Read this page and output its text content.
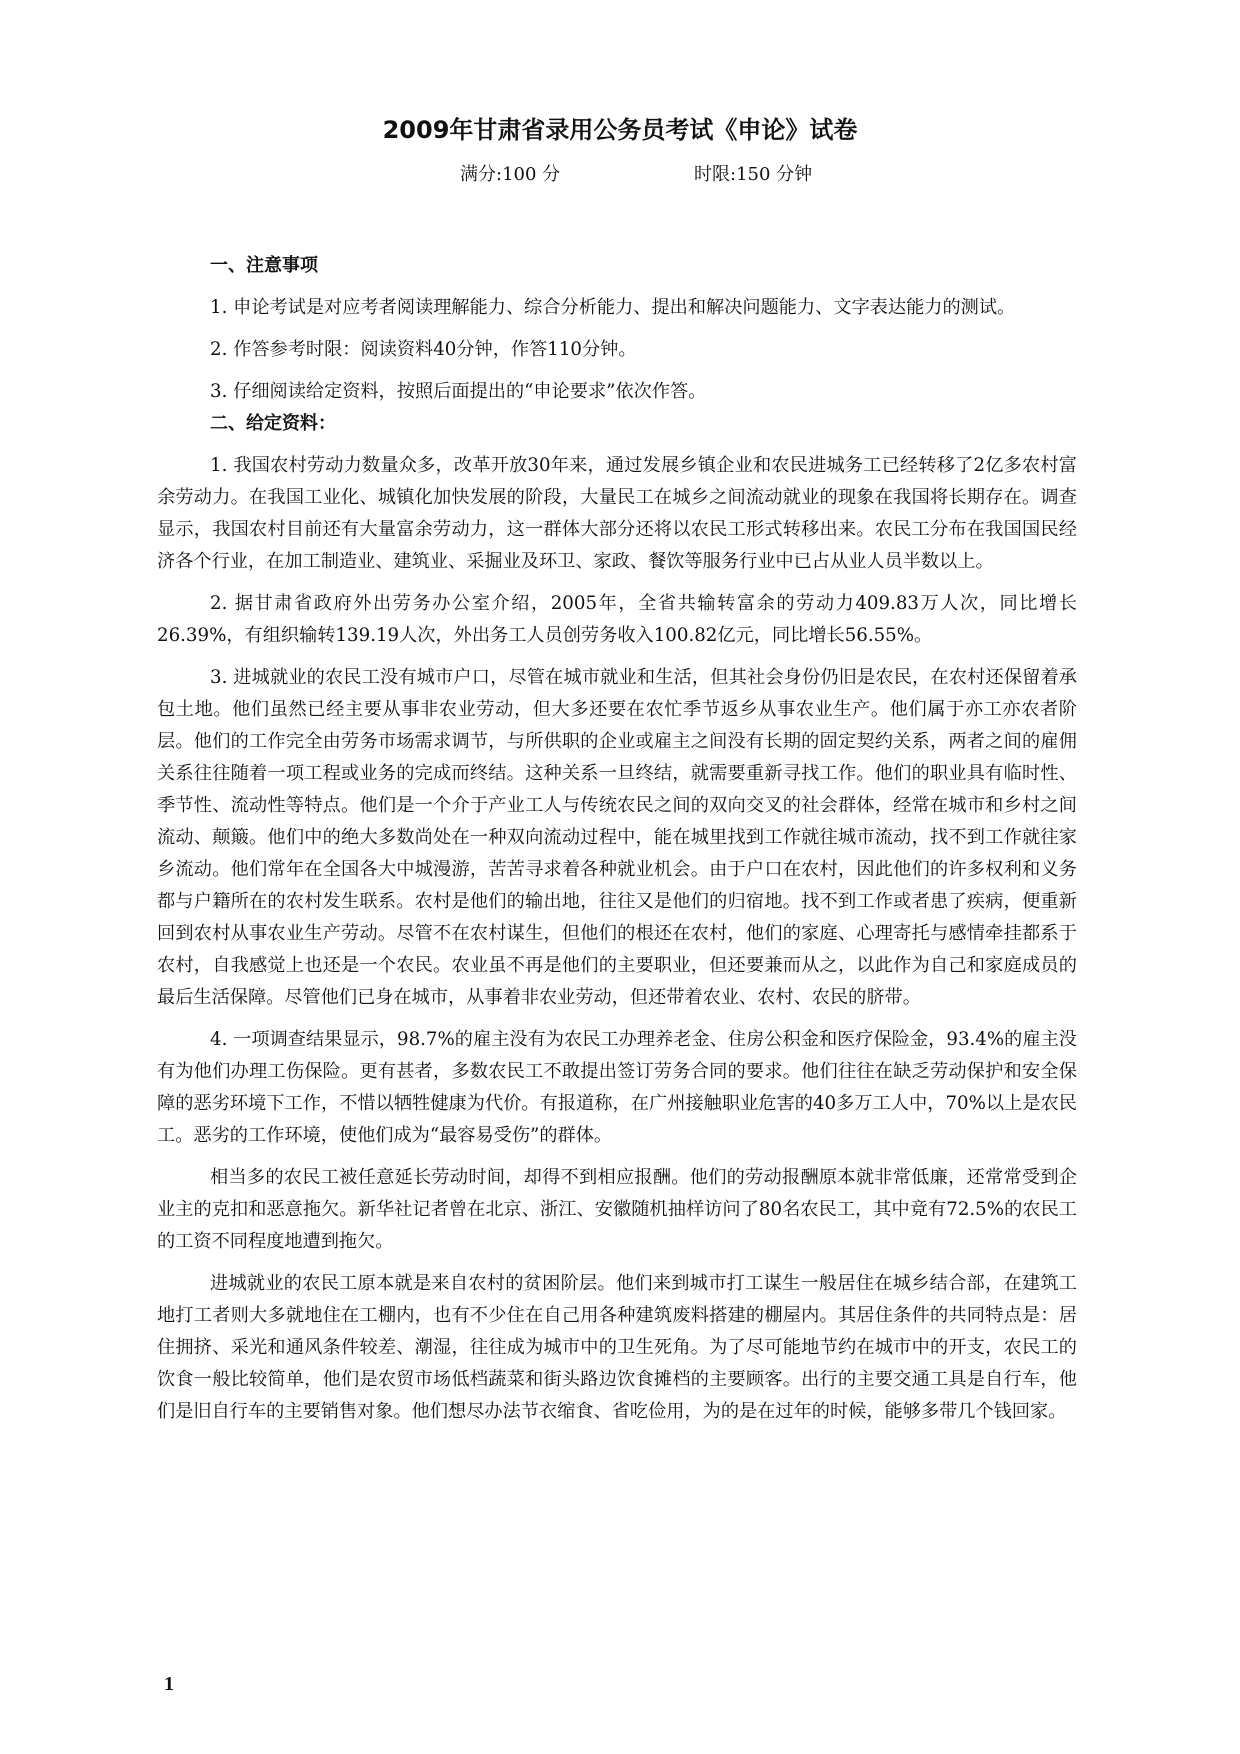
2009年甘肃省录用公务员考试《申论》试卷
满分:100 分	时限:150 分钟
一、注意事项
1. 申论考试是对应考者阅读理解能力、综合分析能力、提出和解决问题能力、文字表达能力的测试。
2. 作答参考时限：阅读资料40分钟，作答110分钟。
3. 仔细阅读给定资料，按照后面提出的“申论要求”依次作答。
二、给定资料：
1. 我国农村劳动力数量众多，改革开放30年来，通过发展乡镇企业和农民进城务工已经转移了2亿多农村富余劳动力。在我国工业化、城镇化加快发展的阶段，大量民工在城乡之间流动就业的现象在我国将长期存在。调查显示，我国农村目前还有大量富余劳动力，这一群体大部分还将以农民工形式转移出来。农民工分布在我国国民经济各个行业，在加工制造业、建筑业、采掘业及环卫、家政、餐饮等服务行业中已占从业人员半数以上。
2. 据甘肃省政府外出劳务办公室介绍，2005年，全省共输转富余的劳动力409.83万人次，同比增长26.39%，有组织输转139.19人次，外出务工人员创劳务收入100.82亿元，同比增长56.55%。
3. 进城就业的农民工没有城市户口，尽管在城市就业和生活，但其社会身份仍旧是农民，在农村还保留着承包土地。他们虽然已经主要从事非农业劳动，但大多还要在农忙季节返乡从事农业生产。他们属于亦工亦农者阶层。他们的工作完全由劳务市场需求调节，与所供职的企业或雇主之间没有长期的固定契约关系，两者之间的雇佣关系往往随着一项工程或业务的完成而终结。这种关系一旦终结，就需要重新寻找工作。他们的职业具有临时性、季节性、流动性等特点。他们是一个介于产业工人与传统农民之间的双向交叉的社会群体，经常在城市和乡村之间流动、颠簸。他们中的绝大多数尚处在一种双向流动过程中，能在城里找到工作就往城市流动，找不到工作就往家乡流动。他们常年在全国各大中城漫游，苦苦寻求着各种就业机会。由于户口在农村，因此他们的许多权利和义务都与户籍所在的农村发生联系。农村是他们的输出地，往往又是他们的归宿地。找不到工作或者患了疾病，便重新回到农村从事农业生产劳动。尽管不在农村谋生，但他们的根还在农村，他们的家庭、心理寄托与感情牵挂都系于农村，自我感觉上也还是一个农民。农业虽不再是他们的主要职业，但还要兼而从之，以此作为自己和家庭成员的最后生活保障。尽管他们已身在城市，从事着非农业劳动，但还带着农业、农村、农民的脐带。
4. 一项调查结果显示，98.7%的雇主没有为农民工办理养老金、住房公积金和医疗保险金，93.4%的雇主没有为他们办理工伤保险。更有甚者，多数农民工不敢提出签订劳务合同的要求。他们往往在缺乏劳动保护和安全保障的恶劣环境下工作，不惜以牺牲健康为代价。有报道称，在广州接触职业危害的40多万工人中，70%以上是农民工。恶劣的工作环境，使他们成为“最容易受伤”的群体。
相当多的农民工被任意延长劳动时间，却得不到相应报酬。他们的劳动报酬原本就非常低廉，还常常受到企业主的克扣和恶意拖欠。新华社记者曾在北京、浙江、安徽随机抽样访问了80名农民工，其中竟有72.5%的农民工的工资不同程度地遭到拖欠。
进城就业的农民工原本就是来自农村的贫困阶层。他们来到城市打工谋生一般居住在城乡结合部，在建筑工地打工者则大多就地住在工棚内，也有不少住在自己用各种建筑废料搭建的棚屋内。其居住条件的共同特点是：居住拥挤、采光和通风条件较差、潮湿，往往成为城市中的卫生死角。为了尽可能地节约在城市中的开支，农民工的饮食一般比较简单，他们是农贸市场低档蔬菜和街头路边饮食摊档的主要顾客。出行的主要交通工具是自行车，他们是旧自行车的主要销售对象。他们想尽办法节衣缩食、省吃俭用，为的是在过年的时候，能够多带几个钱回家。
1
